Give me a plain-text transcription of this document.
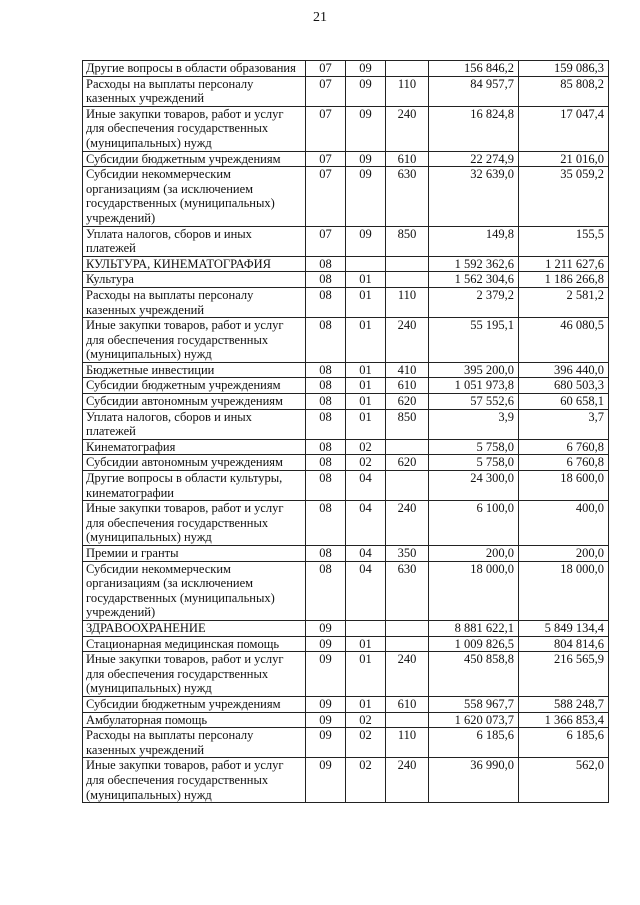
21
Другие вопросы в области образования	07	09		156 846,2	159 086,3
Расходы на выплаты персоналу казенных учреждений	07	09	110	84 957,7	85 808,2
Иные закупки товаров, работ и услуг для обеспечения государственных (муниципальных) нужд	07	09	240	16 824,8	17 047,4
Субсидии бюджетным учреждениям	07	09	610	22 274,9	21 016,0
Субсидии некоммерческим организациям (за исключением государственных (муниципальных) учреждений)	07	09	630	32 639,0	35 059,2
Уплата налогов, сборов и иных платежей	07	09	850	149,8	155,5
КУЛЬТУРА, КИНЕМАТОГРАФИЯ	08			1 592 362,6	1 211 627,6
Культура	08	01		1 562 304,6	1 186 266,8
Расходы на выплаты персоналу казенных учреждений	08	01	110	2 379,2	2 581,2
Иные закупки товаров, работ и услуг для обеспечения государственных (муниципальных) нужд	08	01	240	55 195,1	46 080,5
Бюджетные инвестиции	08	01	410	395 200,0	396 440,0
Субсидии бюджетным учреждениям	08	01	610	1 051 973,8	680 503,3
Субсидии автономным учреждениям	08	01	620	57 552,6	60 658,1
Уплата налогов, сборов и иных платежей	08	01	850	3,9	3,7
Кинематография	08	02		5 758,0	6 760,8
Субсидии автономным учреждениям	08	02	620	5 758,0	6 760,8
Другие вопросы в области культуры, кинематографии	08	04		24 300,0	18 600,0
Иные закупки товаров, работ и услуг для обеспечения государственных (муниципальных) нужд	08	04	240	6 100,0	400,0
Премии и гранты	08	04	350	200,0	200,0
Субсидии некоммерческим организациям (за исключением государственных (муниципальных) учреждений)	08	04	630	18 000,0	18 000,0
ЗДРАВООХРАНЕНИЕ	09			8 881 622,1	5 849 134,4
Стационарная медицинская помощь	09	01		1 009 826,5	804 814,6
Иные закупки товаров, работ и услуг для обеспечения государственных (муниципальных) нужд	09	01	240	450 858,8	216 565,9
Субсидии бюджетным учреждениям	09	01	610	558 967,7	588 248,7
Амбулаторная помощь	09	02		1 620 073,7	1 366 853,4
Расходы на выплаты персоналу казенных учреждений	09	02	110	6 185,6	6 185,6
Иные закупки товаров, работ и услуг для обеспечения государственных (муниципальных) нужд	09	02	240	36 990,0	562,0
